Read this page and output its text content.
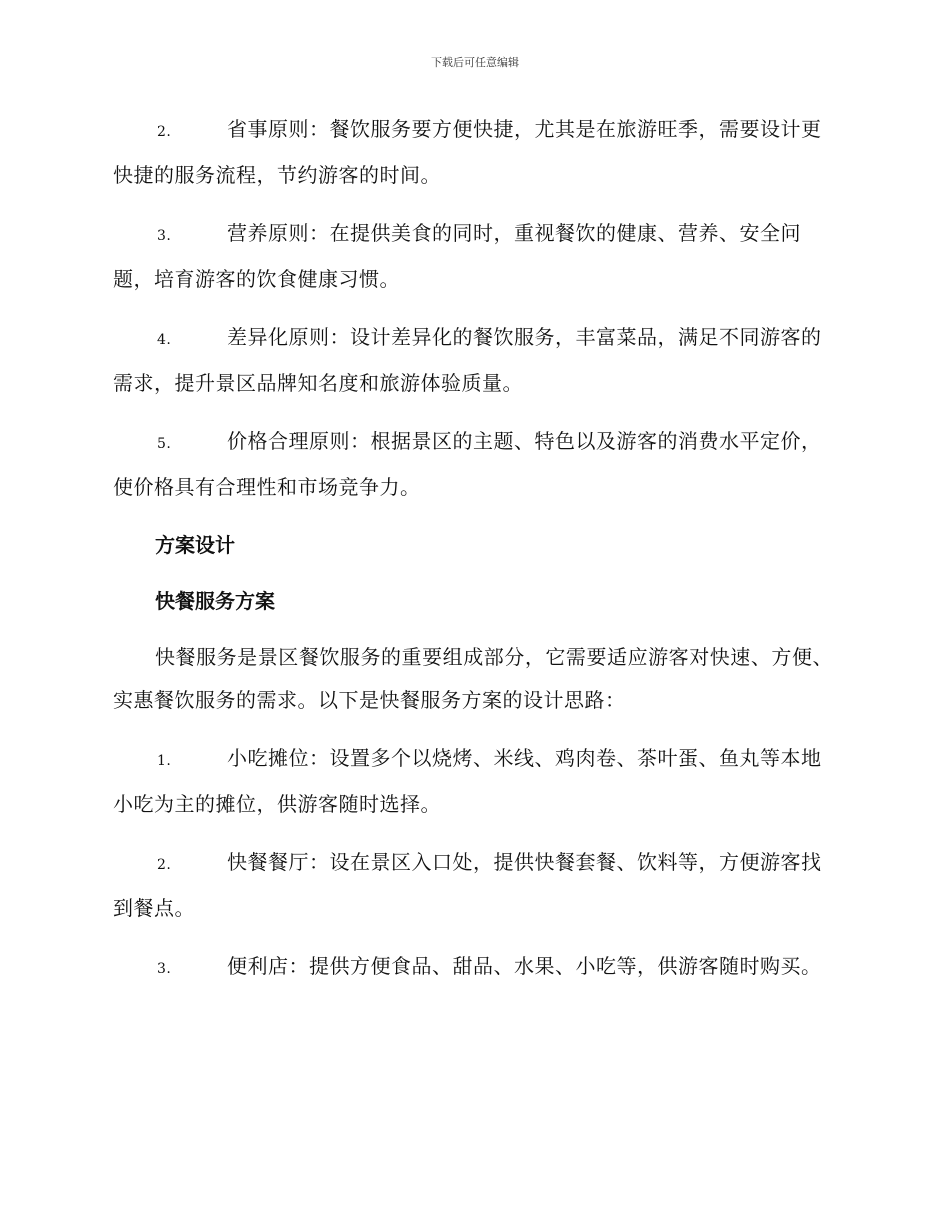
下载后可任意编辑

2.	省事原则：餐饮服务要方便快捷，尤其是在旅游旺季，需要设计更快捷的服务流程，节约游客的时间。

3.	营养原则：在提供美食的同时，重视餐饮的健康、营养、安全问题，培育游客的饮食健康习惯。

4.	差异化原则：设计差异化的餐饮服务，丰富菜品，满足不同游客的需求，提升景区品牌知名度和旅游体验质量。

5.	价格合理原则：根据景区的主题、特色以及游客的消费水平定价，使价格具有合理性和市场竞争力。

方案设计
快餐服务方案

快餐服务是景区餐饮服务的重要组成部分，它需要适应游客对快速、方便、实惠餐饮服务的需求。以下是快餐服务方案的设计思路：

1.	小吃摊位：设置多个以烧烤、米线、鸡肉卷、茶叶蛋、鱼丸等本地小吃为主的摊位，供游客随时选择。

2.	快餐餐厅：设在景区入口处，提供快餐套餐、饮料等，方便游客找到餐点。

3.	便利店：提供方便食品、甜品、水果、小吃等，供游客随时购买。
